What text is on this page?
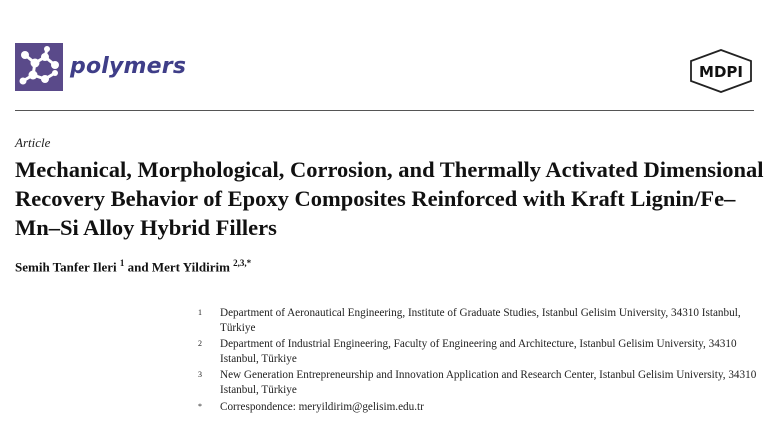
polymers	MDPI
Article
Mechanical, Morphological, Corrosion, and Thermally Activated Dimensional Recovery Behavior of Epoxy Composites Reinforced with Kraft Lignin/Fe–Mn–Si Alloy Hybrid Fillers
Semih Tanfer Ileri $^1$ and Mert Yildirim $^{2,3,*}$
1	Department of Aeronautical Engineering, Institute of Graduate Studies, Istanbul Gelisim University, 34310 Istanbul, Türkiye
2	Department of Industrial Engineering, Faculty of Engineering and Architecture, Istanbul Gelisim University, 34310 Istanbul, Türkiye
3	New Generation Entrepreneurship and Innovation Application and Research Center, Istanbul Gelisim University, 34310 Istanbul, Türkiye
*	Correspondence: meryildirim@gelisim.edu.tr
